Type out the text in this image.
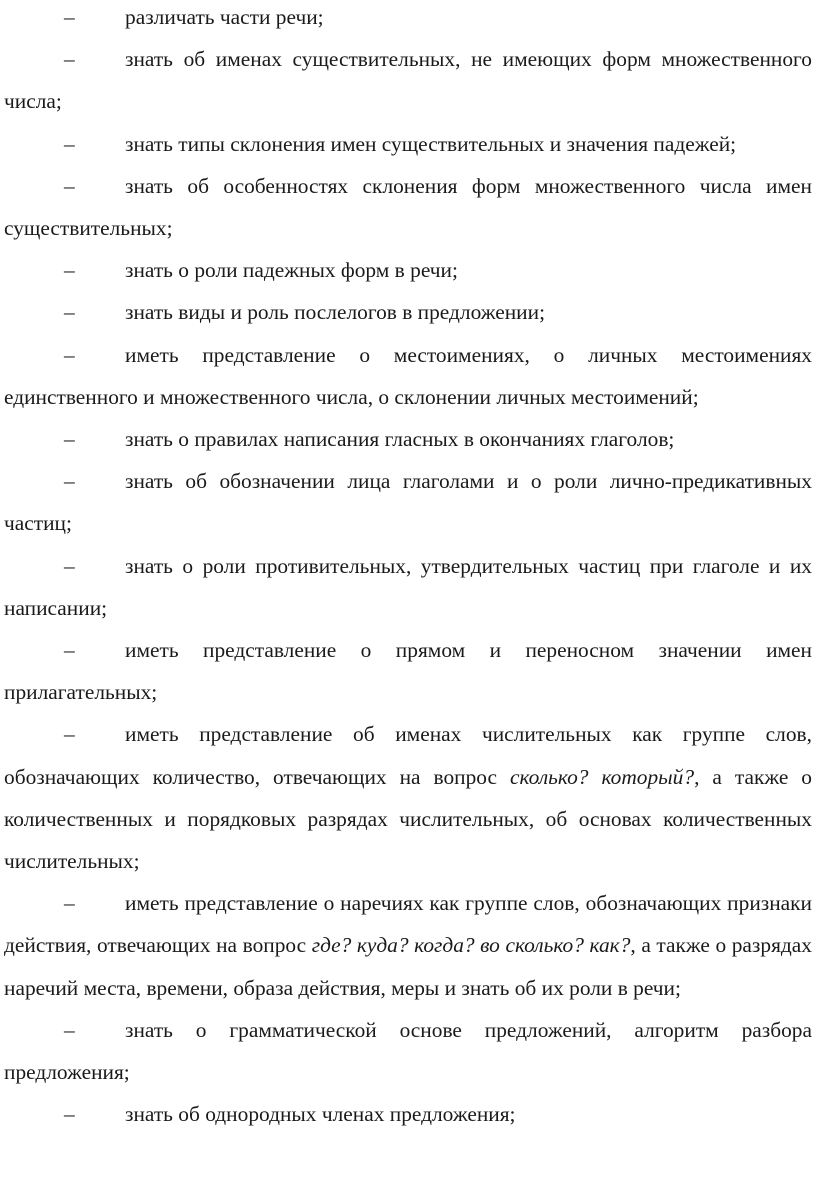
– различать части речи;

– знать об именах существительных, не имеющих форм множественного числа;

– знать типы склонения имен существительных и значения падежей;

– знать об особенностях склонения форм множественного числа имен существительных;

– знать о роли падежных форм в речи;

– знать виды и роль послелогов в предложении;

– иметь представление о местоимениях, о личных местоимениях единственного и множественного числа, о склонении личных местоимений;

– знать о правилах написания гласных в окончаниях глаголов;

– знать об обозначении лица глаголами и о роли лично-предикативных частиц;

– знать о роли противительных, утвердительных частиц при глаголе и их написании;

– иметь представление о прямом и переносном значении имен прилагательных;

– иметь представление об именах числительных как группе слов, обозначающих количество, отвечающих на вопрос сколько? который?, а также о количественных и порядковых разрядах числительных, об основах количественных числительных;

– иметь представление о наречиях как группе слов, обозначающих признаки действия, отвечающих на вопрос где? куда? когда? во сколько? как?, а также о разрядах наречий места, времени, образа действия, меры и знать об их роли в речи;

– знать о грамматической основе предложений, алгоритм разбора предложения;

– знать об однородных членах предложения;
